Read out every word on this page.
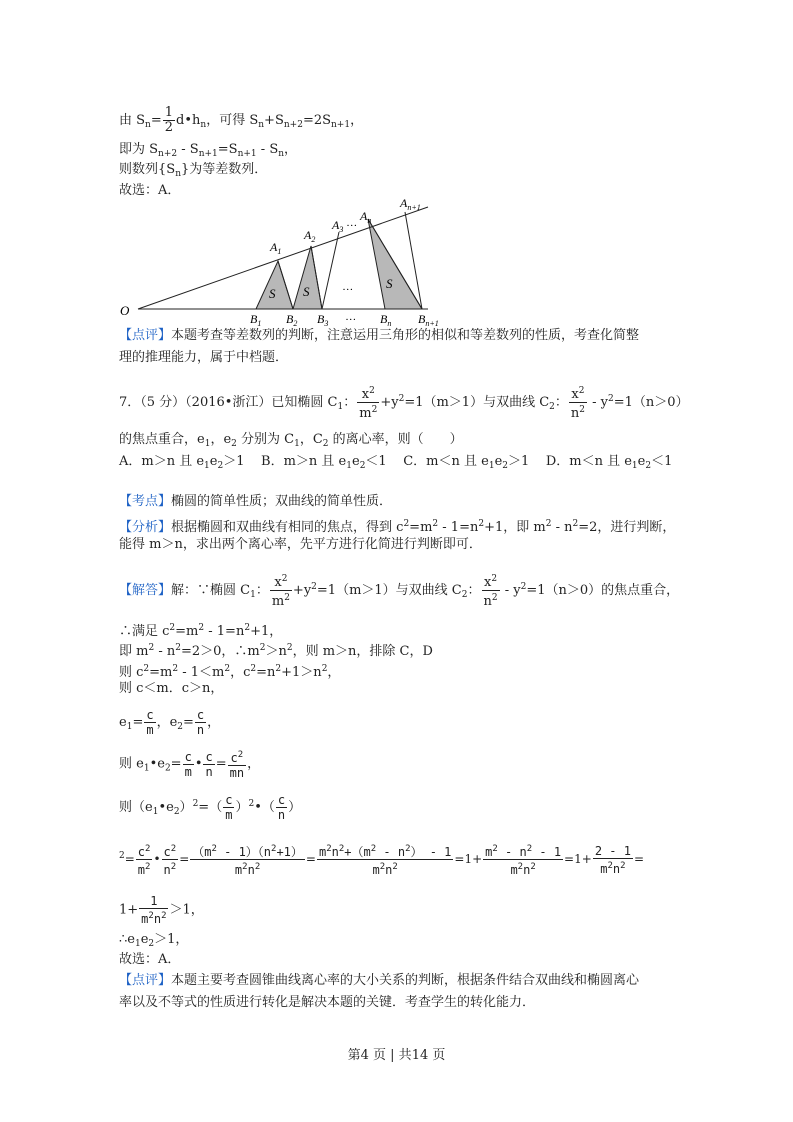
由 $S_n= \frac{1}{2}$ $d•h_n$，可得 $S_n+S_{n+2}=2S_{n+1}$，
即为 $S_{n+2} - S_{n+1}=S_{n+1} - S_n$，
则数列$\{S_n\}$为等差数列．
故选：A．
O
$A_1$
$A_2$
$A_3$
… $A_n$
$A_{n+1}$
S S
S
…
…
$B_1$ $B_2$ $B_3$	$B_n$ $B_{n+1}$
【点评】本题考查等差数列的判断，注意运用三角形的相似和等差数列的性质，考查化简整
理的推理能力，属于中档题．
7．（5 分）（2016•浙江）已知椭圆 $C_1$： $\frac{x^2}{m^2} +y^2=1(m>1)$与双曲线 $C_2$： $\frac{x^2}{n^2} - y^2=1(n>0)$
的焦点重合，$e_1$，$e_2$ 分别为 $C_1$，$C_2$ 的离心率，则（　　）
A．m＞n 且 $e_1e_2>1$ B．m＞n 且 $e_1e_2<1$ C．m＜n 且 $e_1e_2>1$ D．m＜n 且 $e_1e_2<1$
【考点】椭圆的简单性质；双曲线的简单性质．
【分析】根据椭圆和双曲线有相同的焦点，得到 $c^2=m^2 - 1=n^2+1$，即 $m^2 - n^2=2$，进行判断，
能得 m＞n，求出两个离心率，先平方进行化简进行判断即可．
【解答】解：∵椭圆 $C_1$： $\frac{x^2}{m^2} +y^2=1(m>1)$与双曲线 $C_2$： $\frac{x^2}{n^2} - y^2=1(n>0)$的焦点重合，
∴满足 $c^2=m^2 - 1=n^2+1$，
即 $m^2 - n^2=2>0$，$\therefore m^2>n^2$，则 m＞n，排除 C，D
则 $c^2=m^2 - 1<m^2$，$c^2=n^2+1>n^2$，
则 c＜m．c＞n，
$e_1= \frac{c}{m}$ ，$e_2= \frac{c}{n}$ ，
则 $e_1•e_2= \frac{c}{m}$ • $\frac{c}{n} = \frac{c^2}{mn}$ ，
则$(e_1•e_2)^2=( \frac{c}{m}$ ）$^2$•（ $\frac{c}{n}$ ）
$^2= \frac{c^2}{m^2}$ • $\frac{c^2}{n^2} = \frac{(m^2 - 1)(n^2+1)}{m^2n^2} = \frac{m^2n^2+(m^2 - n^2) - 1}{m^2n^2} =1+ \frac{m^2 - n^2 - 1}{m^2n^2} =1+ \frac{2 - 1}{m^2n^2}$ =
$1+ \frac{1}{m^2n^2} >1$，
$\therefore e_1e_2>1$，
故选：A．
【点评】本题主要考查圆锥曲线离心率的大小关系的判断，根据条件结合双曲线和椭圆离心
率以及不等式的性质进行转化是解决本题的关键．考查学生的转化能力．
第4 页 | 共14 页
